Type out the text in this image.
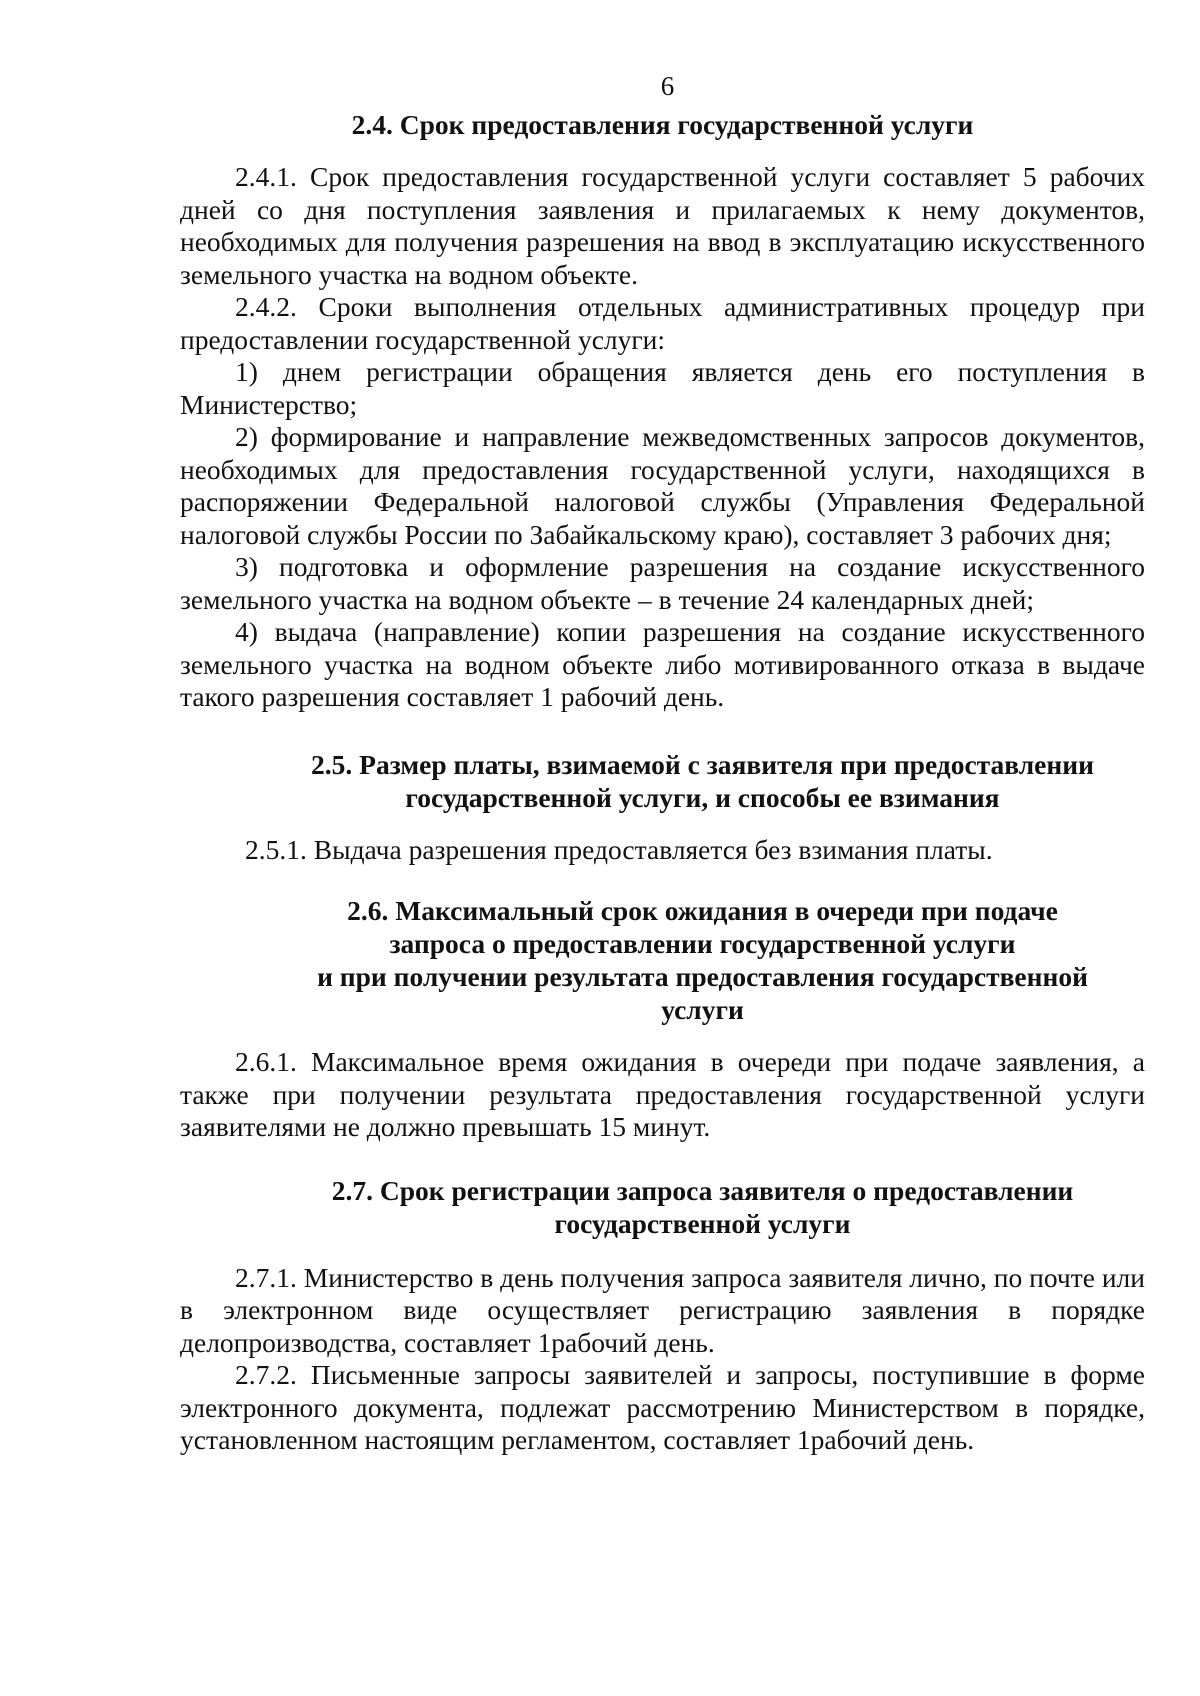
6
2.4. Срок предоставления государственной услуги

2.4.1. Срок предоставления государственной услуги составляет 5 рабочих дней со дня поступления заявления и прилагаемых к нему документов, необходимых для получения разрешения на ввод в эксплуатацию искусственного земельного участка на водном объекте.

2.4.2. Сроки выполнения отдельных административных процедур при предоставлении государственной услуги:

1) днем регистрации обращения является день его поступления в Министерство;

2) формирование и направление межведомственных запросов документов, необходимых для предоставления государственной услуги, находящихся в распоряжении Федеральной налоговой службы (Управления Федеральной налоговой службы России по Забайкальскому краю), составляет 3 рабочих дня;

3) подготовка и оформление разрешения на создание искусственного земельного участка на водном объекте – в течение 24 календарных дней;

4) выдача (направление) копии разрешения на создание искусственного земельного участка на водном объекте либо мотивированного отказа в выдаче такого разрешения составляет 1 рабочий день.

2.5. Размер платы, взимаемой с заявителя при предоставлении
государственной услуги, и способы ее взимания

2.5.1. Выдача разрешения предоставляется без взимания платы.

2.6. Максимальный срок ожидания в очереди при подаче
запроса о предоставлении государственной услуги
и при получении результата предоставления государственной
услуги

2.6.1. Максимальное время ожидания в очереди при подаче заявления, а также при получении результата предоставления государственной услуги заявителями не должно превышать 15 минут.

2.7. Срок регистрации запроса заявителя о предоставлении
государственной услуги

2.7.1. Министерство в день получения запроса заявителя лично, по почте или в электронном виде осуществляет регистрацию заявления в порядке делопроизводства, составляет 1рабочий день.

2.7.2. Письменные запросы заявителей и запросы, поступившие в форме электронного документа, подлежат рассмотрению Министерством в порядке, установленном настоящим регламентом, составляет 1рабочий день.
